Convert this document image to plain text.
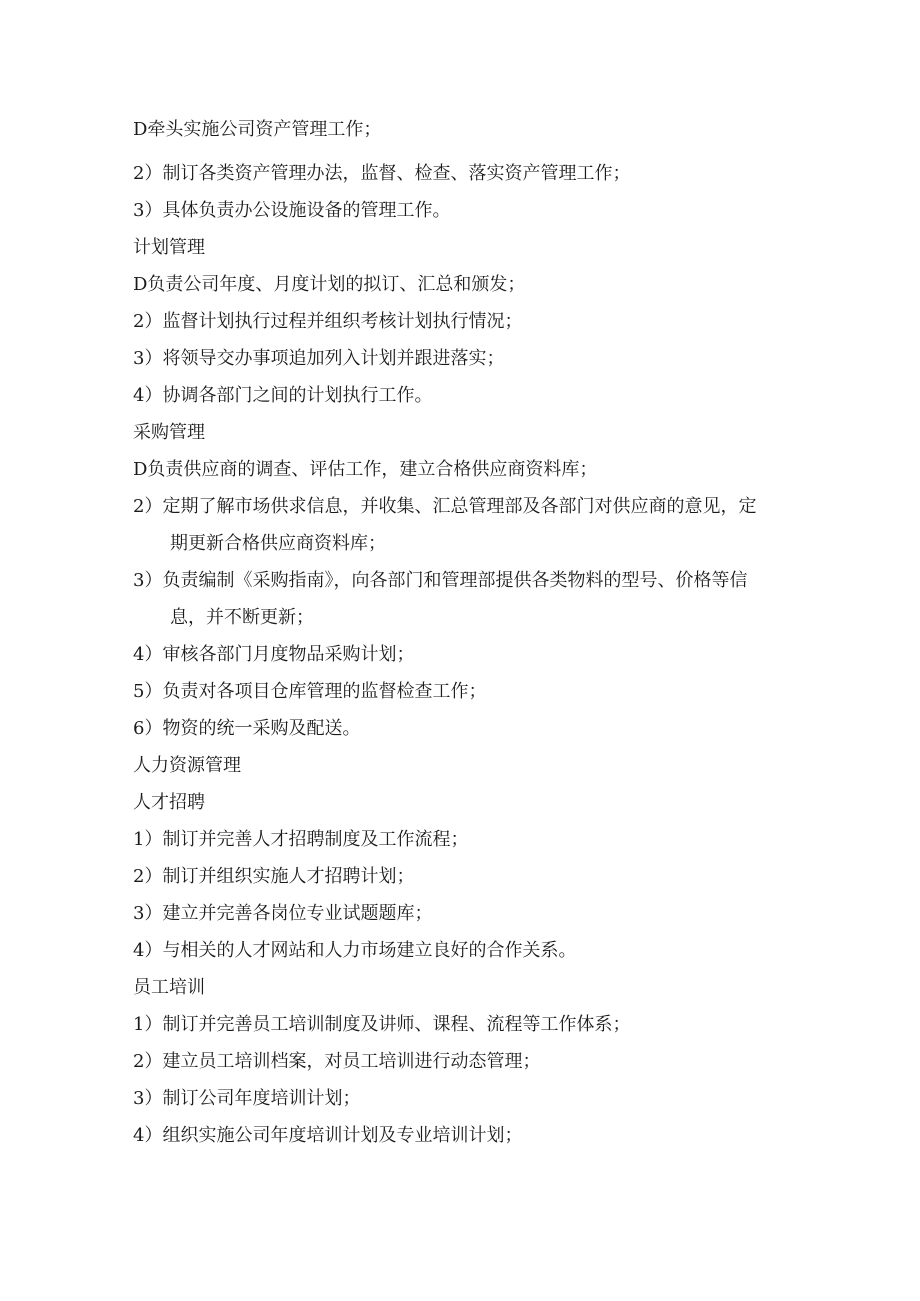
D牵头实施公司资产管理工作；
2）制订各类资产管理办法，监督、检查、落实资产管理工作；
3）具体负责办公设施设备的管理工作。
计划管理
D负责公司年度、月度计划的拟订、汇总和颁发；
2）监督计划执行过程并组织考核计划执行情况；
3）将领导交办事项追加列入计划并跟进落实；
4）协调各部门之间的计划执行工作。
采购管理
D负责供应商的调查、评估工作，建立合格供应商资料库；
2）定期了解市场供求信息，并收集、汇总管理部及各部门对供应商的意见，定
期更新合格供应商资料库；
3）负责编制《采购指南》，向各部门和管理部提供各类物料的型号、价格等信
息，并不断更新；
4）审核各部门月度物品采购计划；
5）负责对各项目仓库管理的监督检查工作；
6）物资的统一采购及配送。
人力资源管理
人才招聘
1）制订并完善人才招聘制度及工作流程；
2）制订并组织实施人才招聘计划；
3）建立并完善各岗位专业试题题库；
4）与相关的人才网站和人力市场建立良好的合作关系。
员工培训
1）制订并完善员工培训制度及讲师、课程、流程等工作体系；
2）建立员工培训档案，对员工培训进行动态管理；
3）制订公司年度培训计划；
4）组织实施公司年度培训计划及专业培训计划；
